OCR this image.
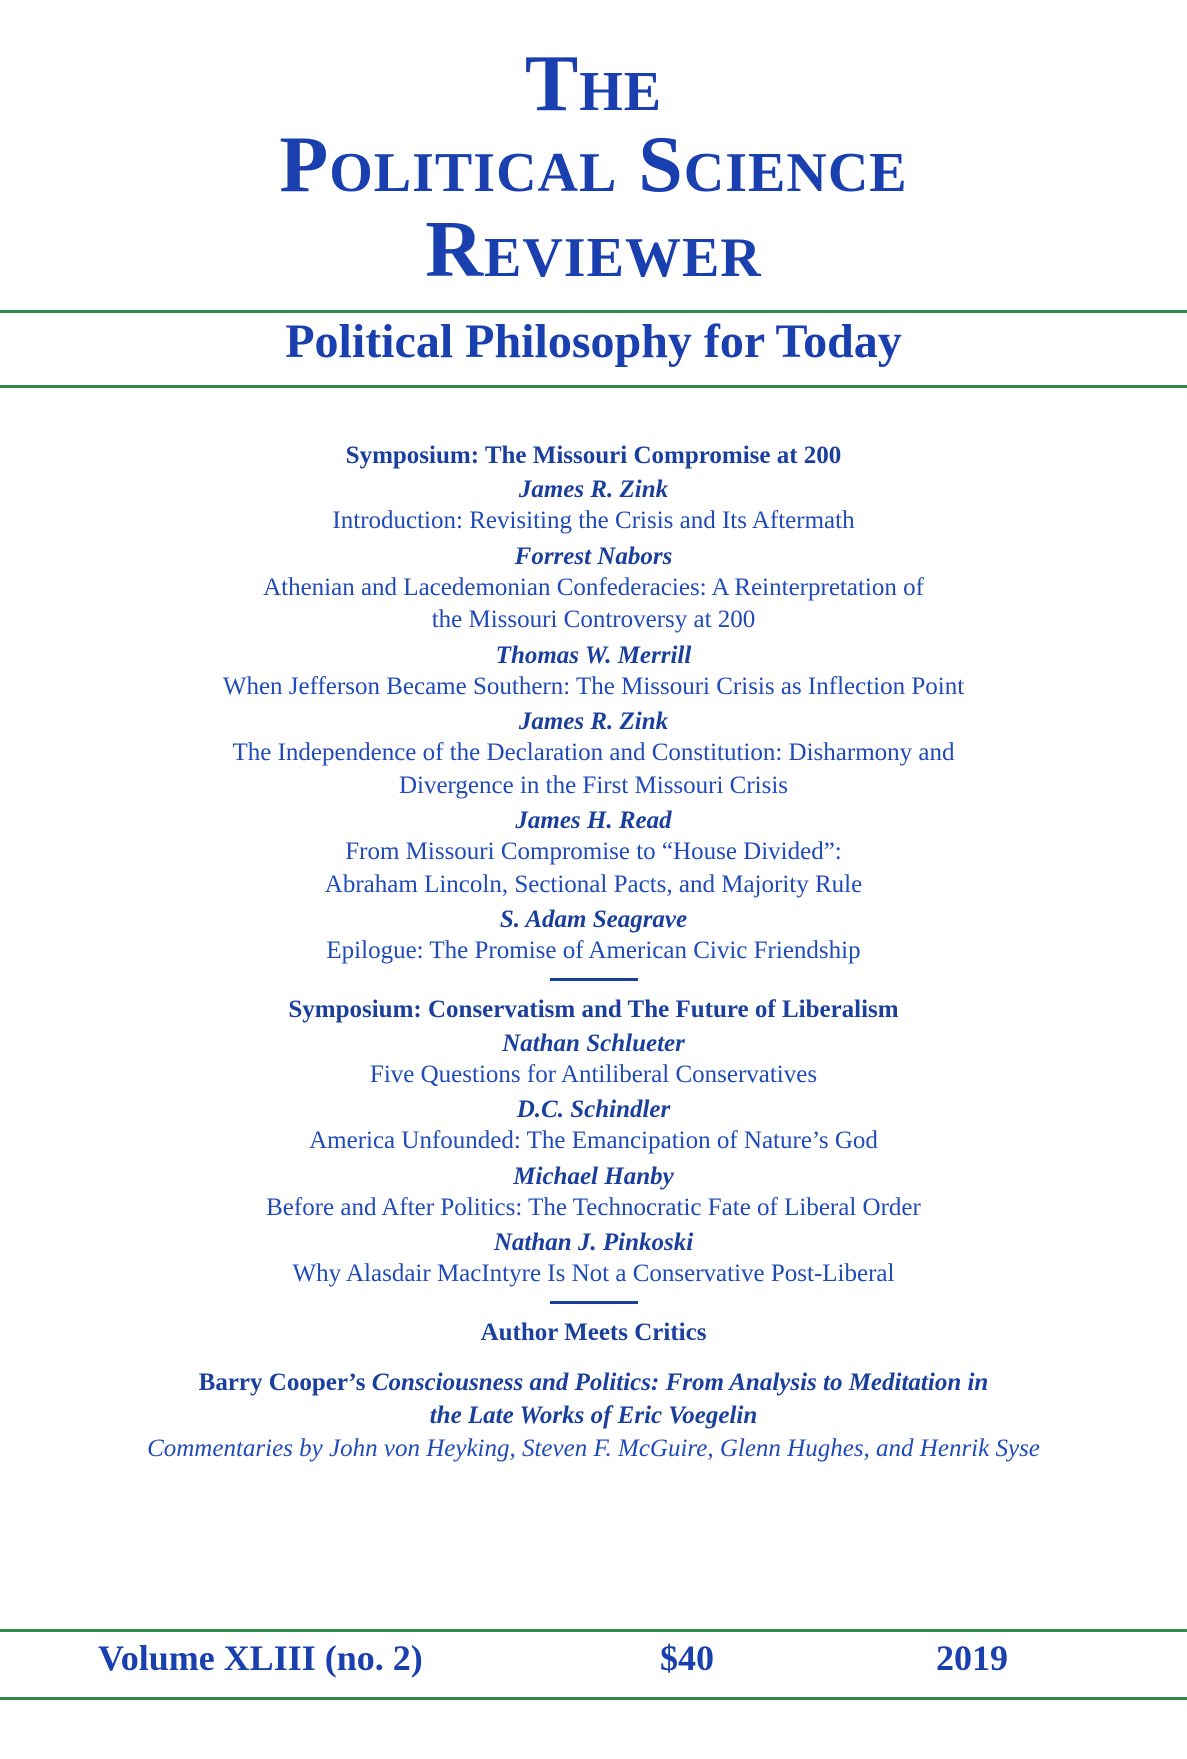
The
Political Science
Reviewer
Political Philosophy for Today
Symposium: The Missouri Compromise at 200
James R. Zink
Introduction: Revisiting the Crisis and Its Aftermath
Forrest Nabors
Athenian and Lacedemonian Confederacies: A Reinterpretation of
the Missouri Controversy at 200
Thomas W. Merrill
When Jefferson Became Southern: The Missouri Crisis as Inflection Point
James R. Zink
The Independence of the Declaration and Constitution: Disharmony and
Divergence in the First Missouri Crisis
James H. Read
From Missouri Compromise to “House Divided”:
Abraham Lincoln, Sectional Pacts, and Majority Rule
S. Adam Seagrave
Epilogue: The Promise of American Civic Friendship
Symposium: Conservatism and The Future of Liberalism
Nathan Schlueter
Five Questions for Antiliberal Conservatives
D.C. Schindler
America Unfounded: The Emancipation of Nature’s God
Michael Hanby
Before and After Politics: The Technocratic Fate of Liberal Order
Nathan J. Pinkoski
Why Alasdair MacIntyre Is Not a Conservative Post-Liberal
Author Meets Critics
Barry Cooper’s Consciousness and Politics: From Analysis to Meditation in
the Late Works of Eric Voegelin
Commentaries by John von Heyking, Steven F. McGuire, Glenn Hughes, and Henrik Syse
Volume XLIII (no. 2)	$40	2019
